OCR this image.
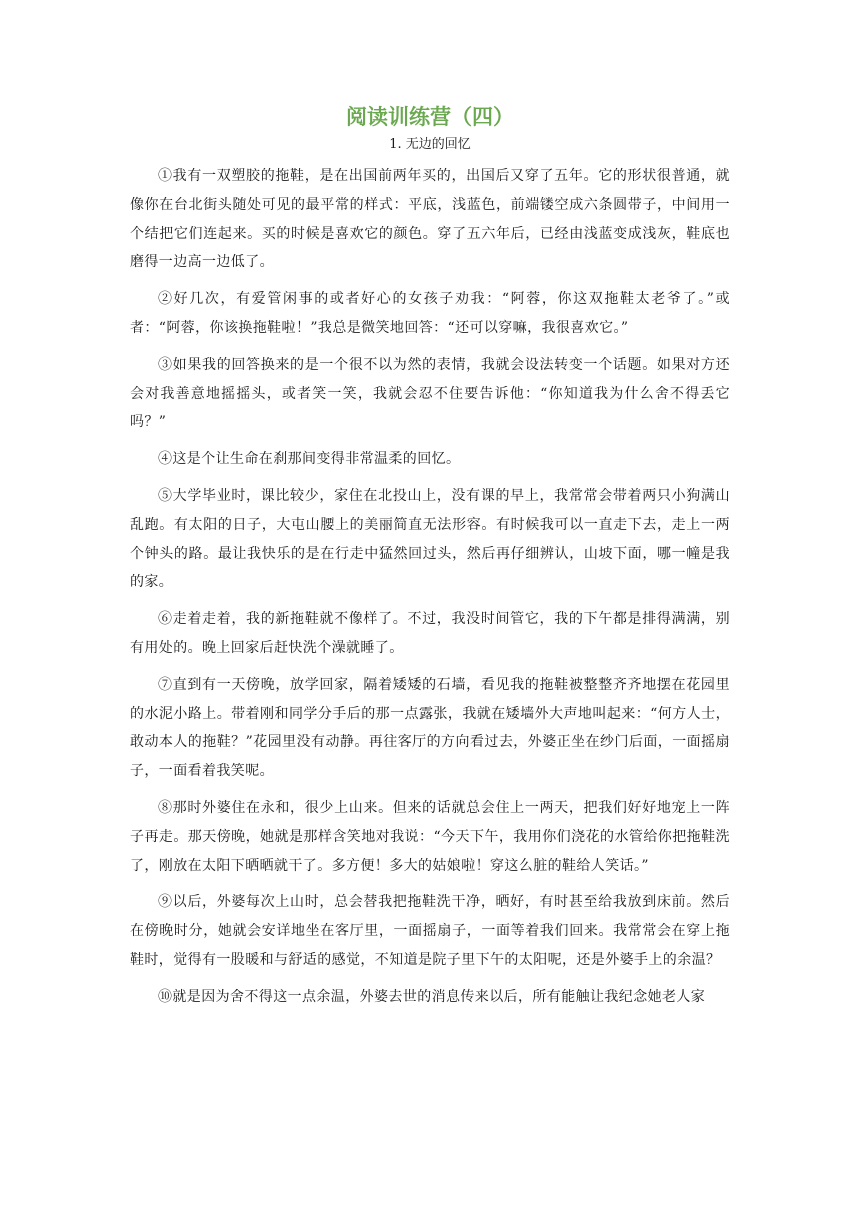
阅读训练营（四）
1. 无边的回忆

①我有一双塑胶的拖鞋，是在出国前两年买的，出国后又穿了五年。它的形状很普通，就像你在台北街头随处可见的最平常的样式：平底，浅蓝色，前端镂空成六条圆带子，中间用一个结把它们连起来。买的时候是喜欢它的颜色。穿了五六年后，已经由浅蓝变成浅灰，鞋底也磨得一边高一边低了。

②好几次，有爱管闲事的或者好心的女孩子劝我：“阿蓉，你这双拖鞋太老爷了。”或者：“阿蓉，你该换拖鞋啦！”我总是微笑地回答：“还可以穿嘛，我很喜欢它。”

③如果我的回答换来的是一个很不以为然的表情，我就会设法转变一个话题。如果对方还会对我善意地摇摇头，或者笑一笑，我就会忍不住要告诉他：“你知道我为什么舍不得丢它吗？”

④这是个让生命在刹那间变得非常温柔的回忆。

⑤大学毕业时，课比较少，家住在北投山上，没有课的早上，我常常会带着两只小狗满山乱跑。有太阳的日子，大屯山腰上的美丽简直无法形容。有时候我可以一直走下去，走上一两个钟头的路。最让我快乐的是在行走中猛然回过头，然后再仔细辨认，山坡下面，哪一幢是我的家。

⑥走着走着，我的新拖鞋就不像样了。不过，我没时间管它，我的下午都是排得满满，别有用处的。晚上回家后赶快洗个澡就睡了。

⑦直到有一天傍晚，放学回家，隔着矮矮的石墙，看见我的拖鞋被整整齐齐地摆在花园里的水泥小路上。带着刚和同学分手后的那一点露张，我就在矮墙外大声地叫起来：“何方人士，敢动本人的拖鞋？”花园里没有动静。再往客厅的方向看过去，外婆正坐在纱门后面，一面摇扇子，一面看着我笑呢。

⑧那时外婆住在永和，很少上山来。但来的话就总会住上一两天，把我们好好地宠上一阵子再走。那天傍晚，她就是那样含笑地对我说：“今天下午，我用你们浇花的水管给你把拖鞋洗了，刚放在太阳下晒晒就干了。多方便！多大的姑娘啦！穿这么脏的鞋给人笑话。”

⑨以后，外婆每次上山时，总会替我把拖鞋洗干净，晒好，有时甚至给我放到床前。然后在傍晚时分，她就会安详地坐在客厅里，一面摇扇子，一面等着我们回来。我常常会在穿上拖鞋时，觉得有一股暖和与舒适的感觉，不知道是院子里下午的太阳呢，还是外婆手上的余温？

⑩就是因为舍不得这一点余温，外婆去世的消息传来以后，所有能触让我纪念她老人家
